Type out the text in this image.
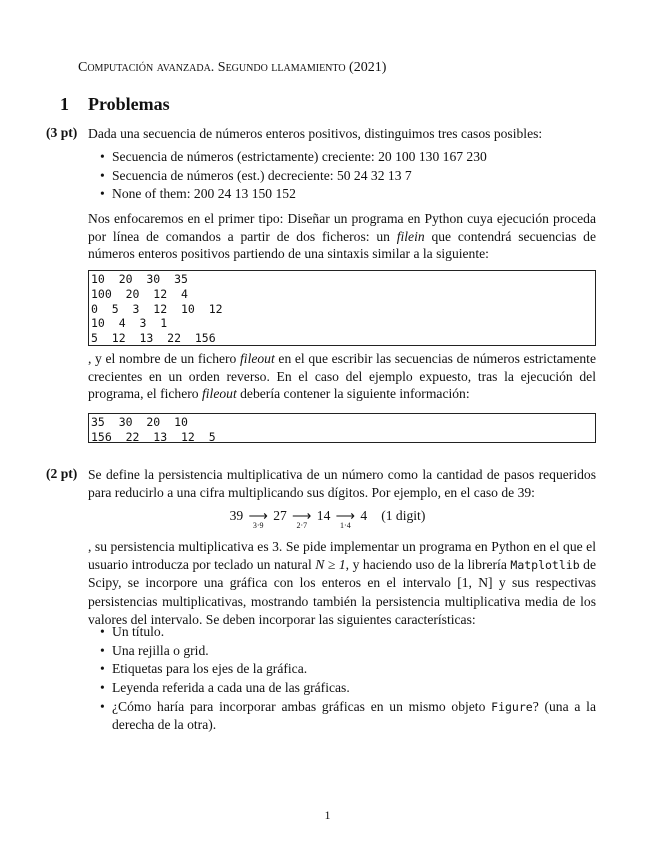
Computación avanzada. Segundo llamamiento (2021)
1 Problemas
(3 pt) Dada una secuencia de números enteros positivos, distinguimos tres casos posibles:
• Secuencia de números (estrictamente) creciente: 20 100 130 167 230
• Secuencia de números (est.) decreciente: 50 24 32 13 7
• None of them: 200 24 13 150 152
Nos enfocaremos en el primer tipo: Diseñar un programa en Python cuya ejecución proceda por línea de comandos a partir de dos ficheros: un filein que contendrá secuencias de números enteros positivos partiendo de una sintaxis similar a la siguiente:
10  20  30  35
100  20  12  4
0  5  3  12  10  12
10  4  3  1
5  12  13  22  156
, y el nombre de un fichero fileout en el que escribir las secuencias de números estrictamente crecientes en un orden reverso. En el caso del ejemplo expuesto, tras la ejecución del programa, el fichero fileout debería contener la siguiente información:
35  30  20  10
156  22  13  12  5
(2 pt) Se define la persistencia multiplicativa de un número como la cantidad de pasos requeridos para reducirlo a una cifra multiplicando sus dígitos. Por ejemplo, en el caso de 39:
39 ⟶
3·9
27 ⟶
2·7
14 ⟶
1·4
4 (1 digit)
, su persistencia multiplicativa es 3. Se pide implementar un programa en Python en el que el usuario introducza por teclado un natural N ≥ 1, y haciendo uso de la librería Matplotlib de Scipy, se incorpore una gráfica con los enteros en el intervalo [1, N] y sus respectivas persistencias multiplicativas, mostrando también la persistencia multiplicativa media de los valores del intervalo. Se deben incorporar las siguientes características:
• Un título.
• Una rejilla o grid.
• Etiquetas para los ejes de la gráfica.
• Leyenda referida a cada una de las gráficas.
• ¿Cómo haría para incorporar ambas gráficas en un mismo objeto Figure? (una a la derecha de la otra).
1
